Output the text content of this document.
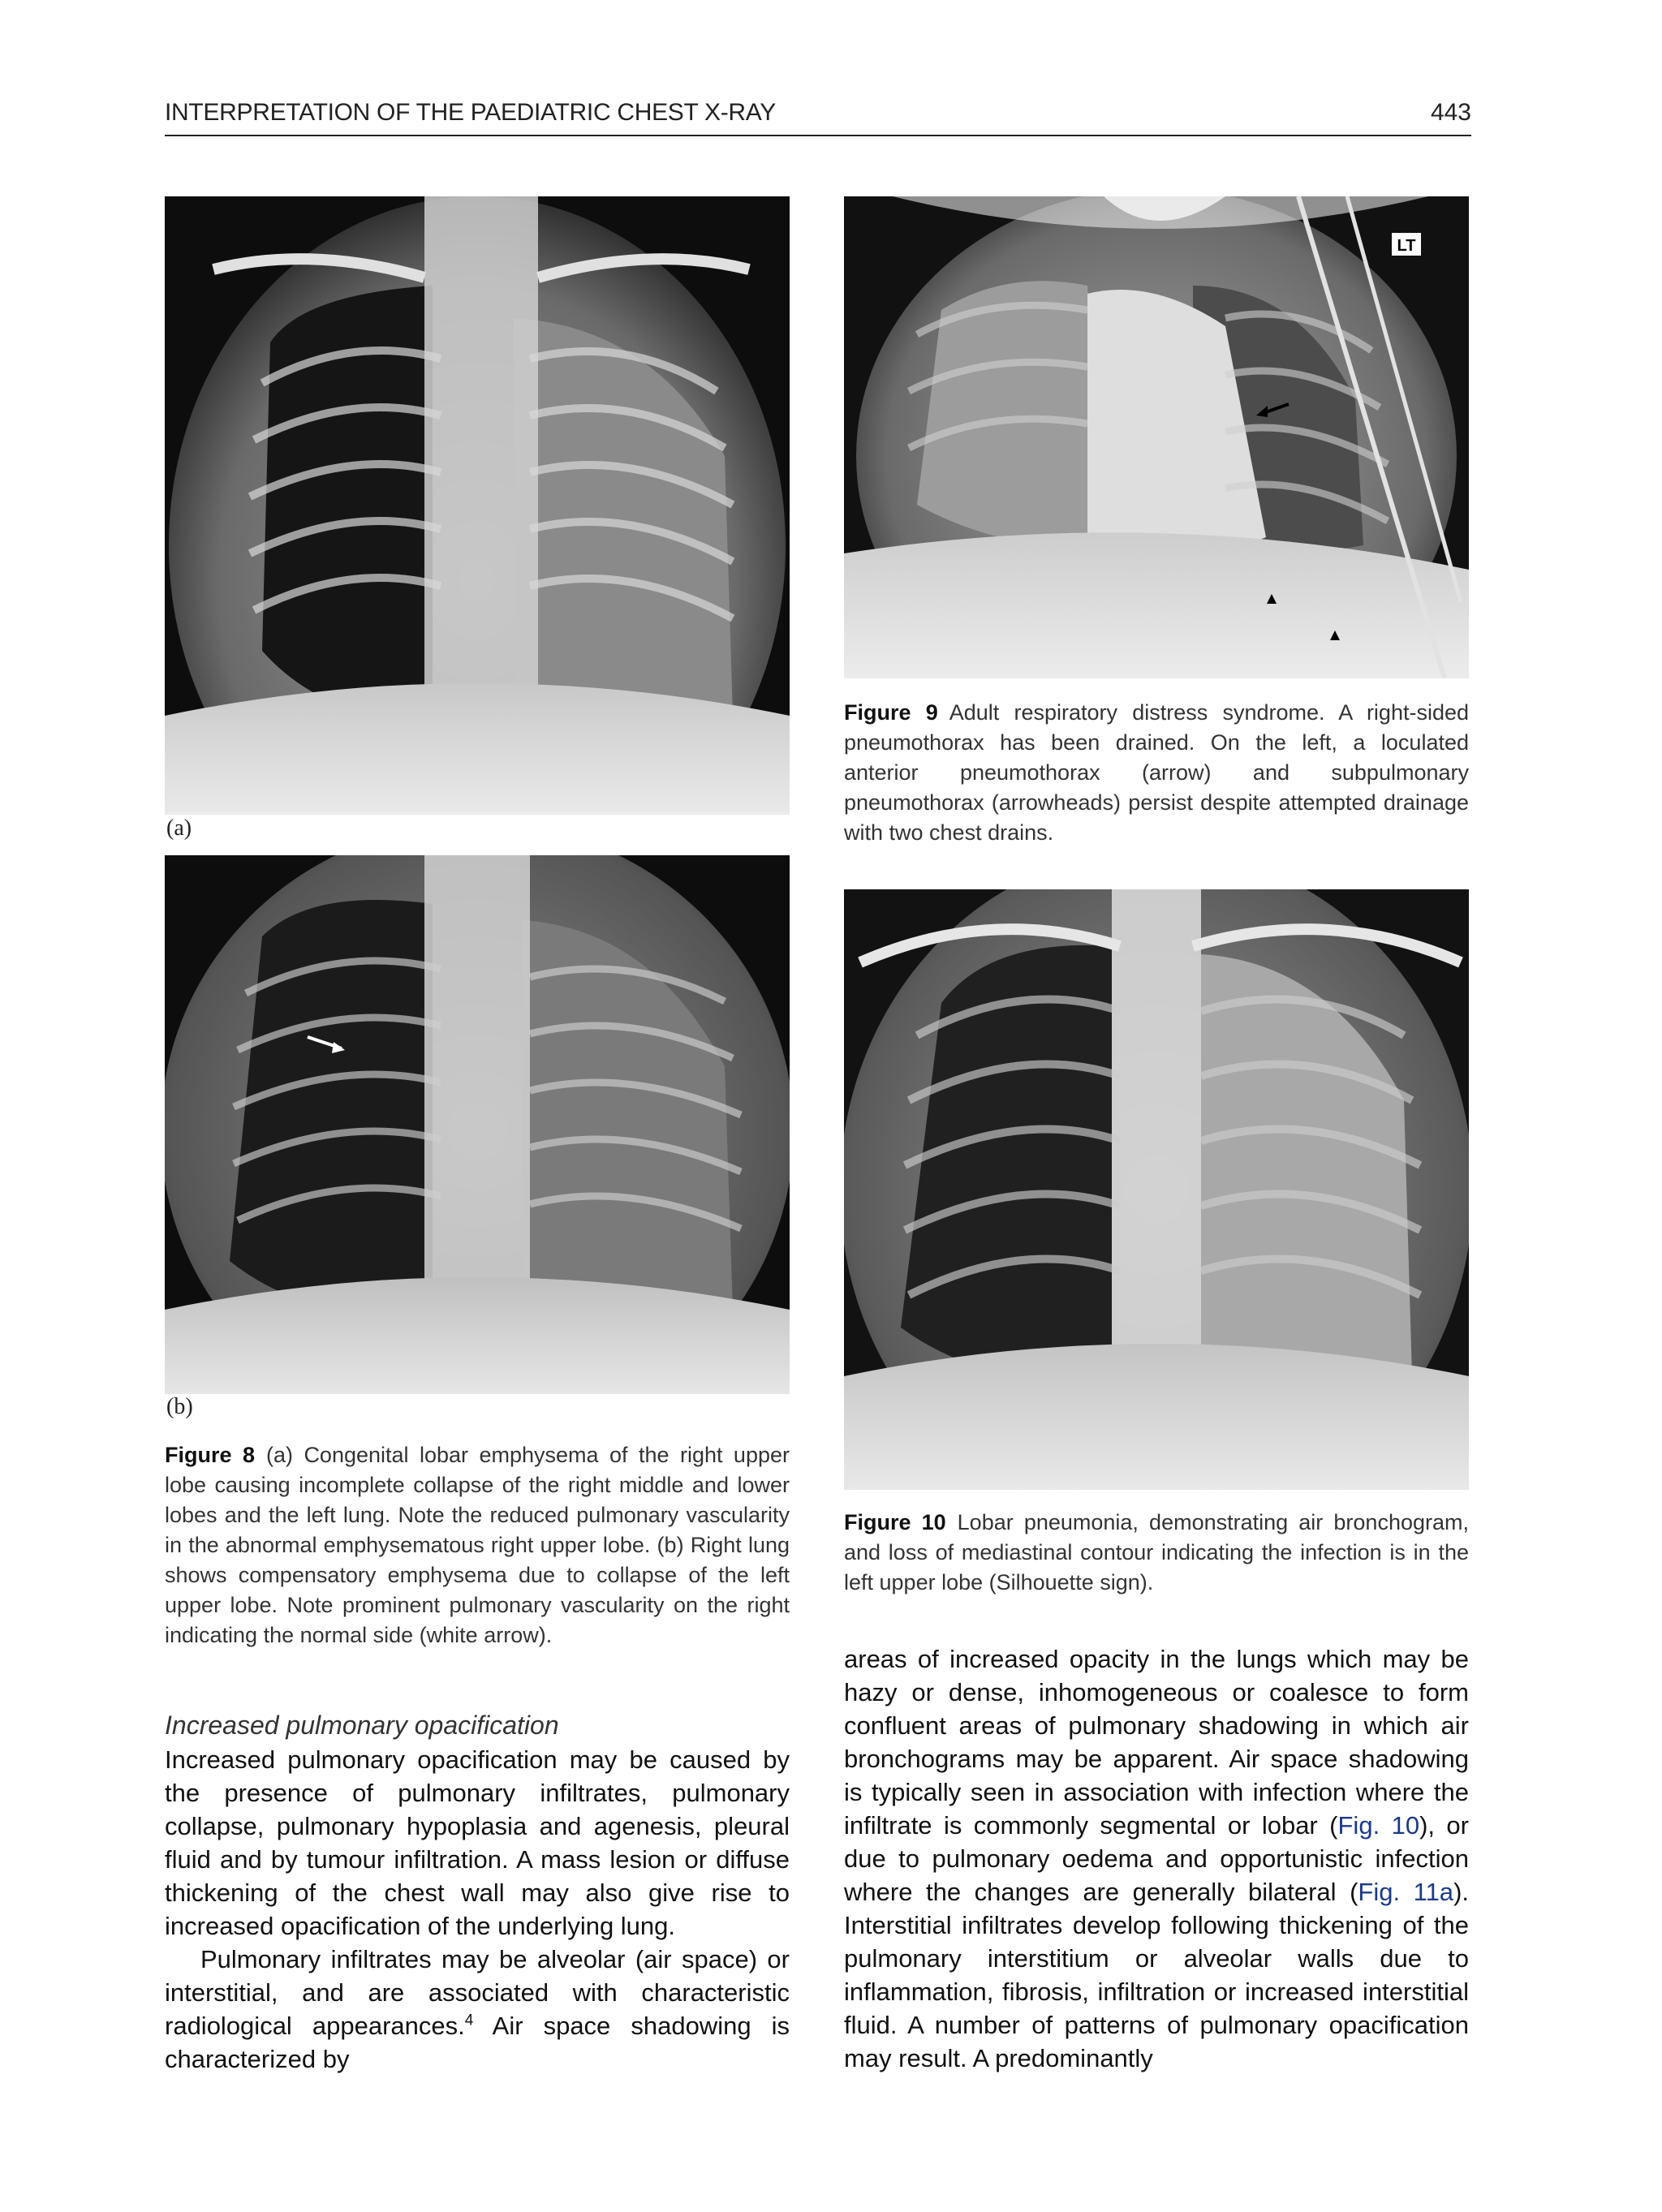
INTERPRETATION OF THE PAEDIATRIC CHEST X-RAY	443
(a)
(b)
Figure 8 (a) Congenital lobar emphysema of the right upper lobe causing incomplete collapse of the right middle and lower lobes and the left lung. Note the reduced pulmonary vascularity in the abnormal emphysematous right upper lobe. (b) Right lung shows compensatory emphysema due to collapse of the left upper lobe. Note prominent pulmonary vascularity on the right indicating the normal side (white arrow).
LT
Figure 9 Adult respiratory distress syndrome. A right-sided pneumothorax has been drained. On the left, a loculated anterior pneumothorax (arrow) and subpulmonary pneumothorax (arrowheads) persist despite attempted drainage with two chest drains.
Figure 10 Lobar pneumonia, demonstrating air bronchogram, and loss of mediastinal contour indicating the infection is in the left upper lobe (Silhouette sign).
Increased pulmonary opacification

Increased pulmonary opacification may be caused by the presence of pulmonary infiltrates, pulmonary collapse, pulmonary hypoplasia and agenesis, pleural fluid and by tumour infiltration. A mass lesion or diffuse thickening of the chest wall may also give rise to increased opacification of the underlying lung.

Pulmonary infiltrates may be alveolar (air space) or interstitial, and are associated with characteristic radiological appearances.$^4$ Air space shadowing is characterized by

areas of increased opacity in the lungs which may be hazy or dense, inhomogeneous or coalesce to form confluent areas of pulmonary shadowing in which air bronchograms may be apparent. Air space shadowing is typically seen in association with infection where the infiltrate is commonly segmental or lobar (Fig. 10), or due to pulmonary oedema and opportunistic infection where the changes are generally bilateral (Fig. 11a). Interstitial infiltrates develop following thickening of the pulmonary interstitium or alveolar walls due to inflammation, fibrosis, infiltration or increased interstitial fluid. A number of patterns of pulmonary opacification may result. A predominantly
